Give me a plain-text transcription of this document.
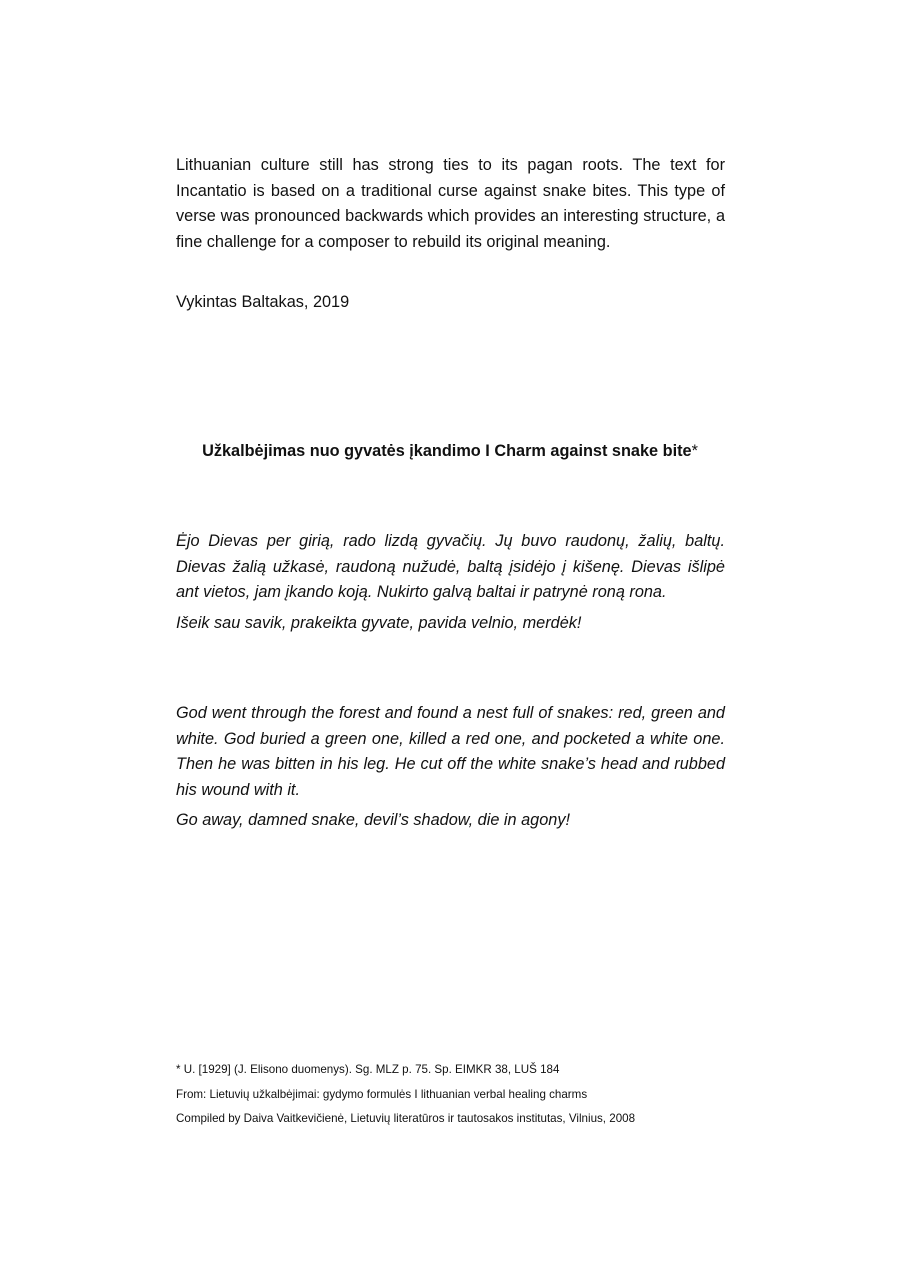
Lithuanian culture still has strong ties to its pagan roots. The text for Incantatio is based on a traditional curse against snake bites. This type of verse was pronounced backwards which provides an interesting structure, a fine challenge for a composer to rebuild its original meaning.

Vykintas Baltakas, 2019

Užkalbėjimas nuo gyvatės įkandimo I Charm against snake bite*

Ėjo Dievas per girią, rado lizdą gyvačių. Jų buvo raudonų, žalių, baltų. Dievas žalią užkasė, raudoną nužudė, baltą įsidėjo į kišenę. Dievas išlipė ant vietos, jam įkando koją. Nukirto galvą baltai ir patrynė roną rona.

Išeik sau savik, prakeikta gyvate, pavida velnio, merdėk!

God went through the forest and found a nest full of snakes: red, green and white. God buried a green one, killed a red one, and pocketed a white one. Then he was bitten in his leg. He cut off the white snake’s head and rubbed his wound with it.

Go away, damned snake, devil’s shadow, die in agony!

* U. [1929] (J. Elisono duomenys). Sg. MLZ p. 75. Sp. EIMKR 38, LUŠ 184
From: Lietuvių užkalbėjimai: gydymo formulės I lithuanian verbal healing charms
Compiled by Daiva Vaitkevičienė, Lietuvių literatūros ir tautosakos institutas, Vilnius, 2008
